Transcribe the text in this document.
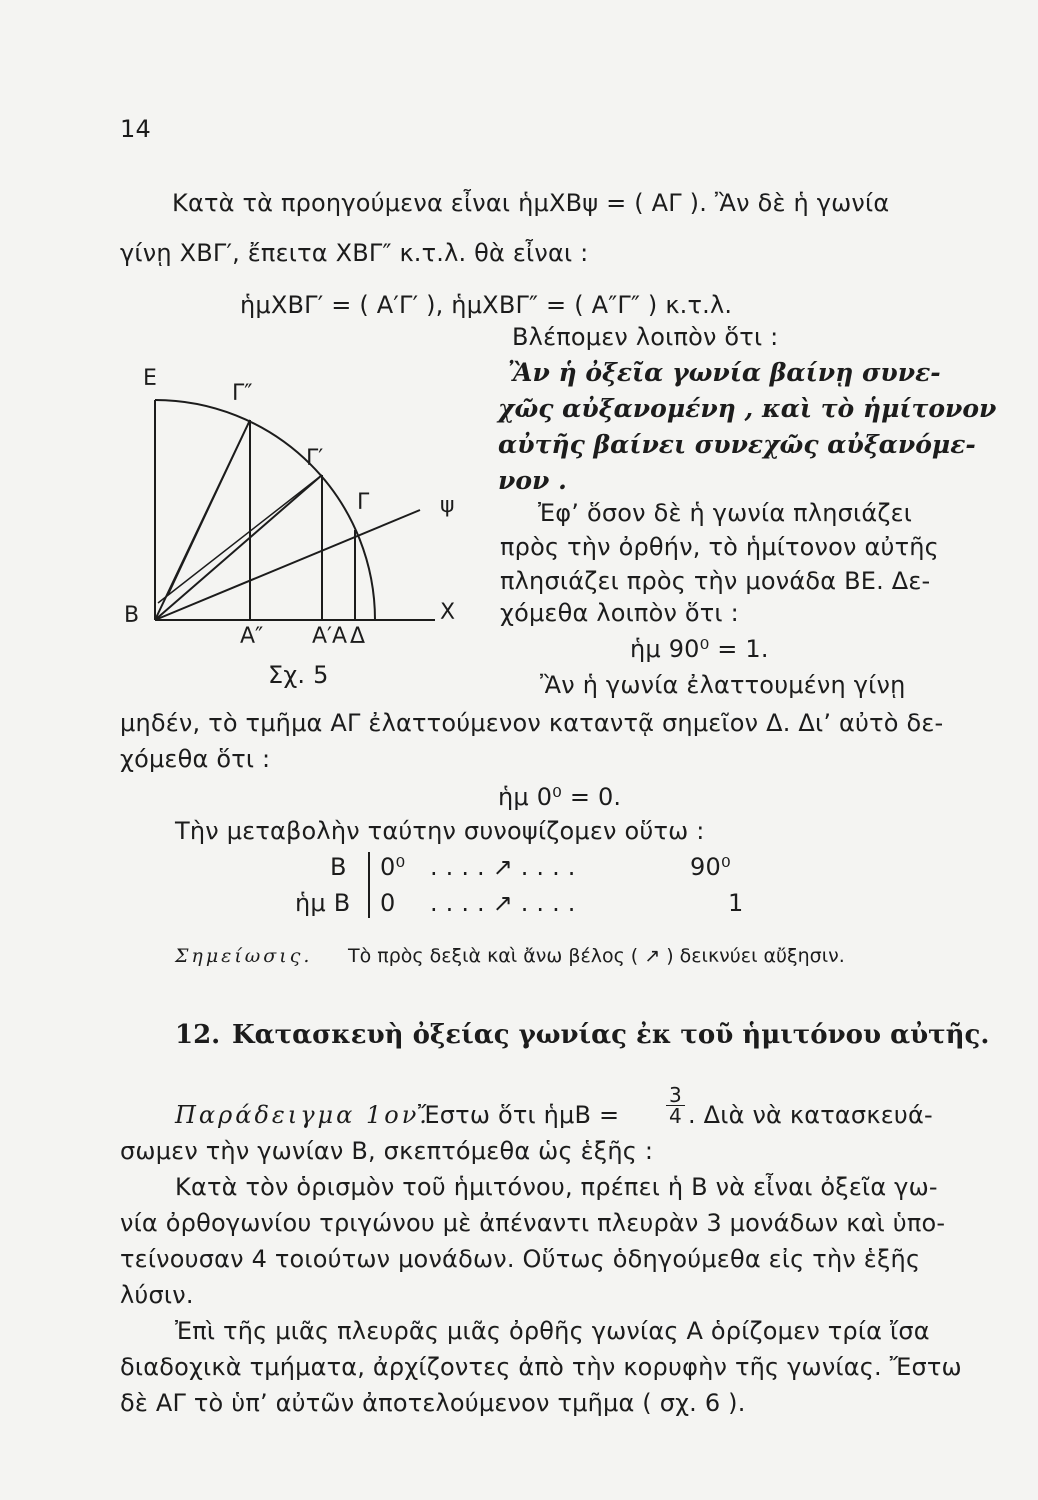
14
Κατὰ τὰ προηγούμενα εἶναι ἡμΧΒψ = ( ΑΓ ). Ἂν δὲ ἡ γωνία
γίνῃ ΧΒΓ′, ἔπειτα ΧΒΓ″ κ.τ.λ. θὰ εἶναι :
ἡμΧΒΓ′ = ( Α′Γ′ ), ἡμΧΒΓ″ = ( Α″Γ″ ) κ.τ.λ.
Βλέπομεν λοιπὸν ὅτι :
Ἂν ἡ ὀξεῖα γωνία βαίνῃ συνε-
χῶς αὐξανομένη , καὶ τὸ ἡμίτονον
αὐτῆς βαίνει συνεχῶς αὐξανόμε-
νον .
Ἐφ’ ὅσον δὲ ἡ γωνία πλησιάζει
πρὸς τὴν ὀρθήν, τὸ ἡμίτονον αὐτῆς
πλησιάζει πρὸς τὴν μονάδα ΒΕ. Δε-
χόμεθα λοιπὸν ὅτι :
ἡμ 90⁰ = 1.
Ἂν ἡ γωνία ἐλαττουμένη γίνῃ
Ε
Γ″
Γ′
Γ	ψ
Β	Χ
Α″ Α′Α Δ
Σχ. 5
μηδέν, τὸ τμῆμα ΑΓ ἐλαττούμενον καταντᾷ σημεῖον Δ. Δι’ αὐτὸ δε-
χόμεθα ὅτι :
ἡμ 0⁰ = 0.
Τὴν μεταβολὴν ταύτην συνοψίζομεν οὕτω :
Β 0⁰ . . . . ↗ . . . .	90⁰
ἡμ Β 0 . . . . ↗ . . . .	1
Σημείωσις. Τὸ πρὸς δεξιὰ καὶ ἄνω βέλος ( ↗ ) δεικνύει αὔξησιν.
12. Κατασκευὴ ὀξείας γωνίας ἐκ τοῦ ἡμιτόνου αὐτῆς.
Παράδειγμα 1ον.
Ἔστω ὅτι ἡμΒ = $\frac{3}{4}$ . Διὰ νὰ κατασκευά-
σωμεν τὴν γωνίαν Β, σκεπτόμεθα ὡς ἑξῆς :
Κατὰ τὸν ὁρισμὸν τοῦ ἡμιτόνου, πρέπει ἡ Β νὰ εἶναι ὀξεῖα γω-
νία ὀρθογωνίου τριγώνου μὲ ἀπέναντι πλευρὰν 3 μονάδων καὶ ὑπο-
τείνουσαν 4 τοιούτων μονάδων. Οὕτως ὁδηγούμεθα εἰς τὴν ἑξῆς
λύσιν.
Ἐπὶ τῆς μιᾶς πλευρᾶς μιᾶς ὀρθῆς γωνίας Α ὁρίζομεν τρία ἴσα
διαδοχικὰ τμήματα, ἀρχίζοντες ἀπὸ τὴν κορυφὴν τῆς γωνίας. Ἔστω
δὲ ΑΓ τὸ ὑπ’ αὐτῶν ἀποτελούμενον τμῆμα ( σχ. 6 ).
